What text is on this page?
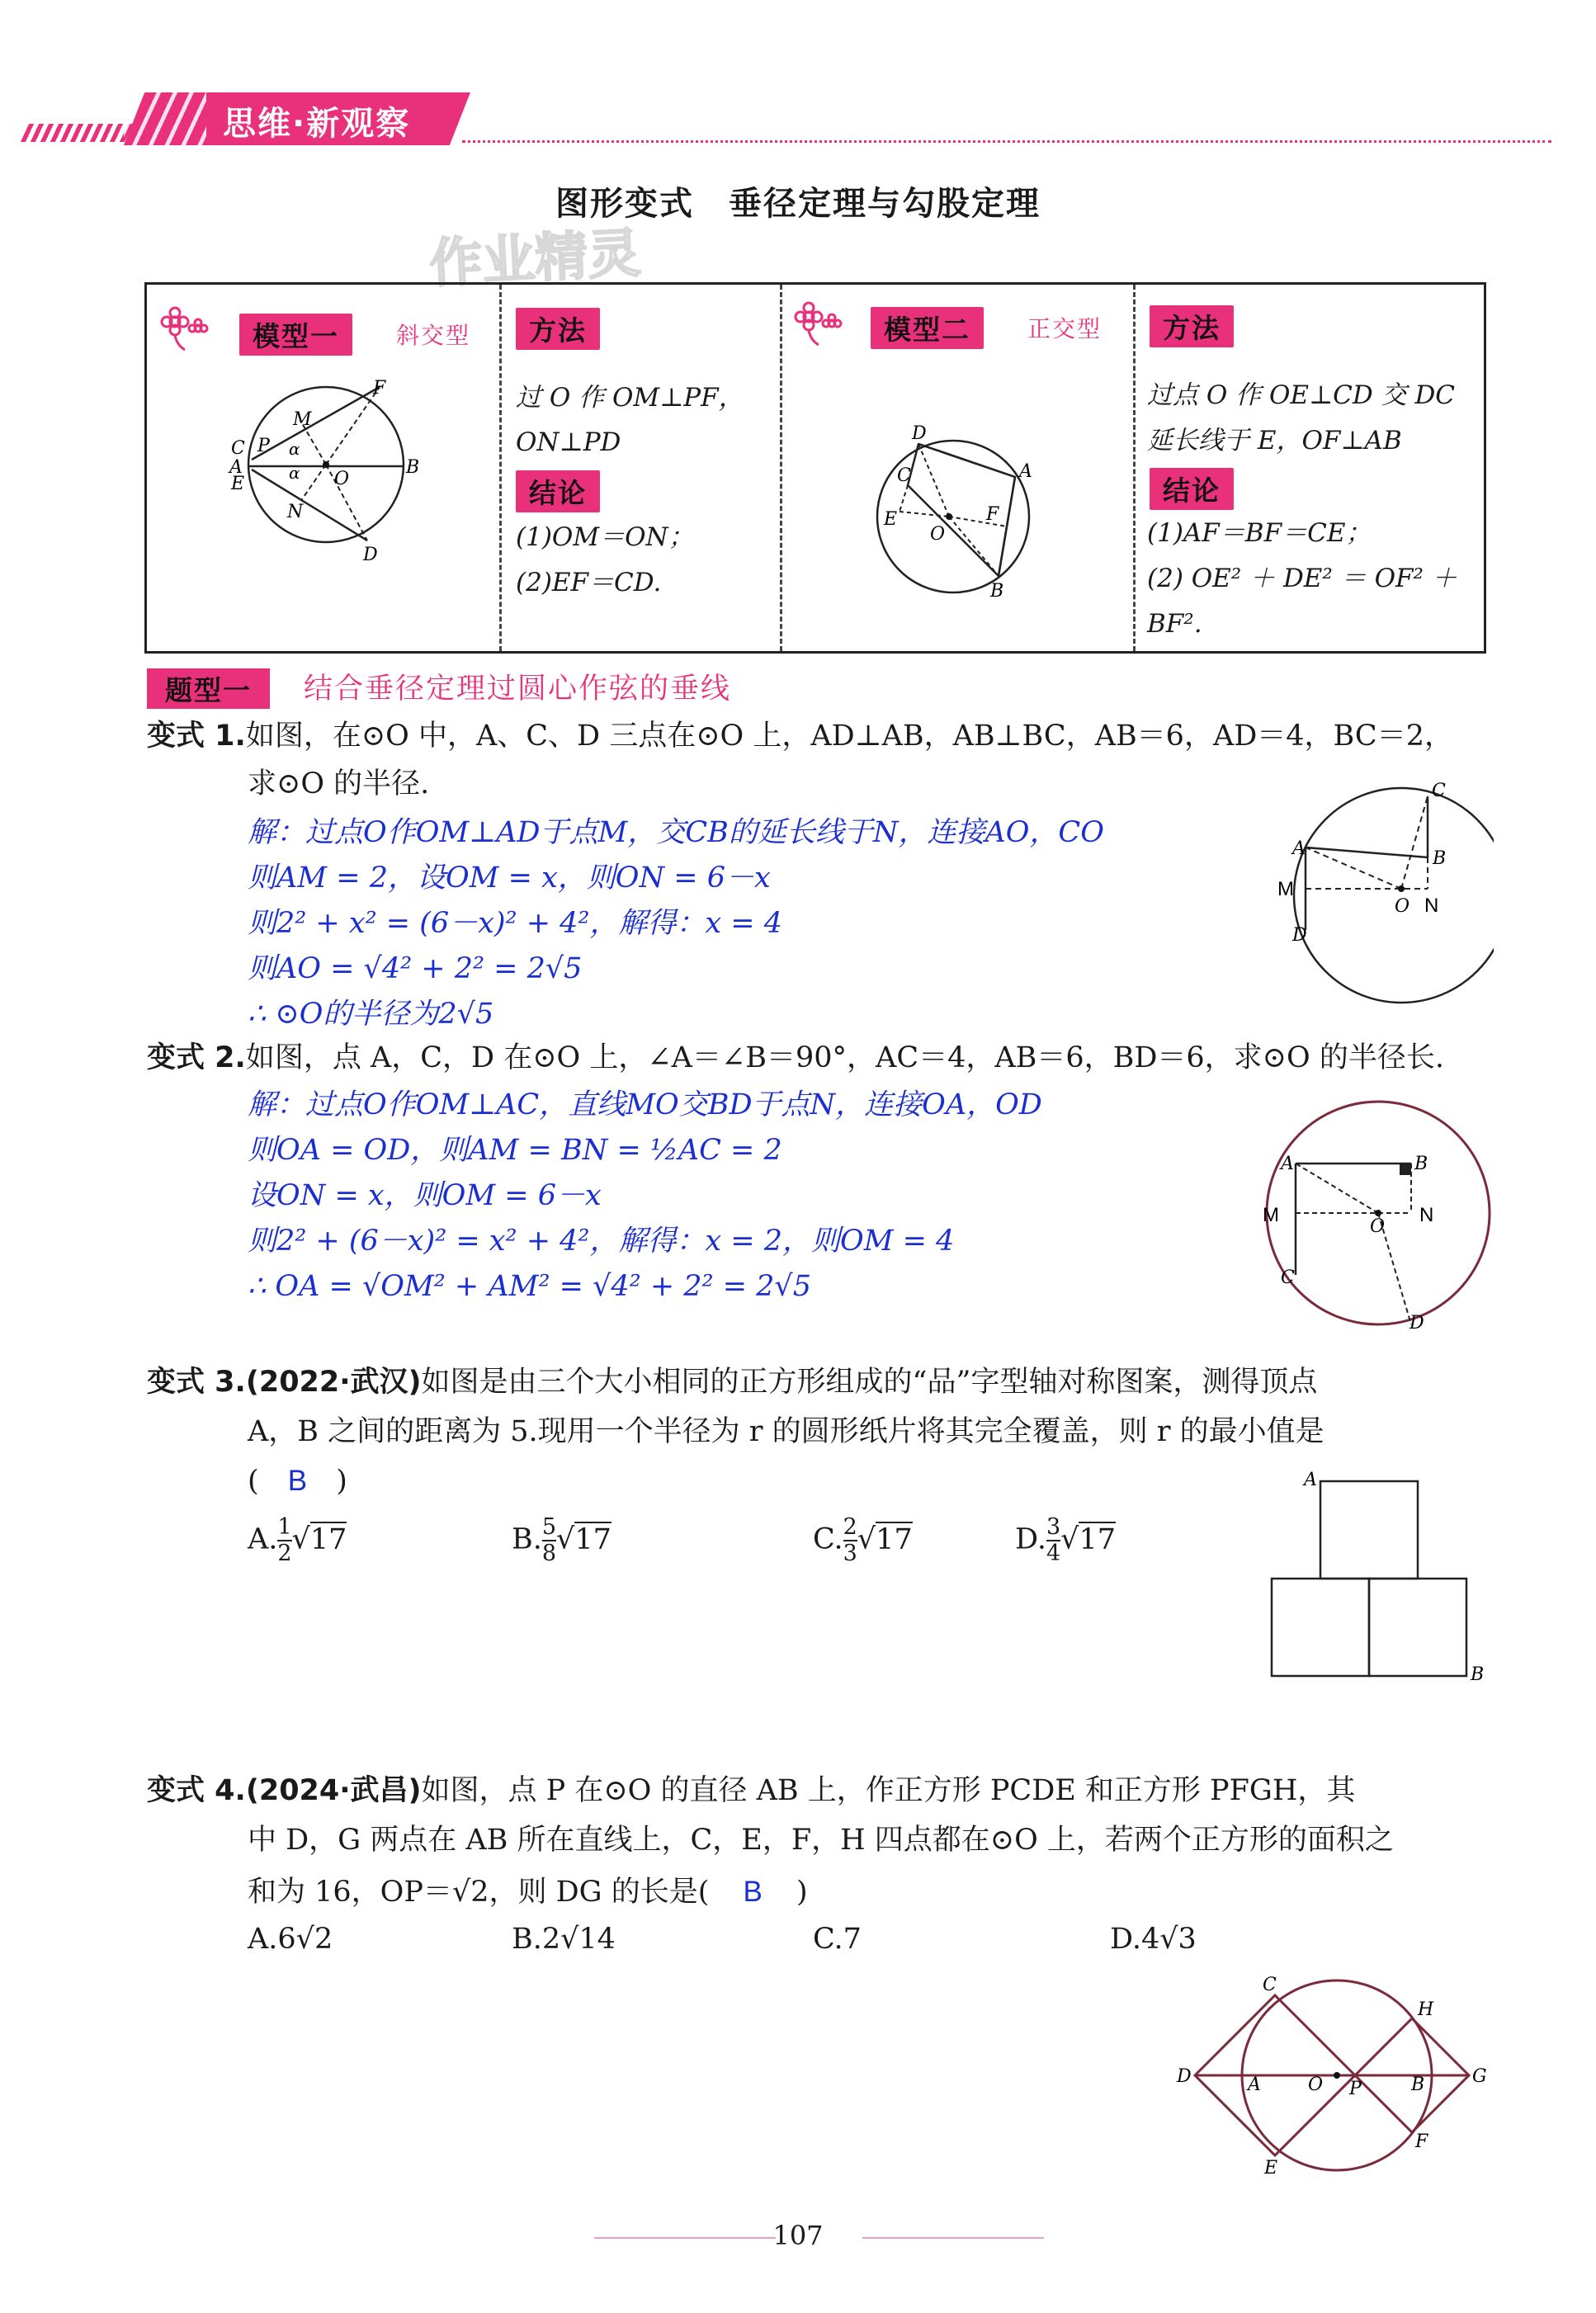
思维·新观察
图形变式　垂径定理与勾股定理
作业精灵
模型一	斜交型
F
M
C P
A
E	O
B
N
D
α
α
方法
过 O 作 OM⊥PF，
ON⊥PD
结论
(1)OM＝ON；
(2)EF＝CD.
模型二	正交型
D
C	A
E
O
F
B
方法
过点 O 作 OE⊥CD 交 DC
延长线于 E，OF⊥AB
结论
(1)AF＝BF＝CE；
(2) OE² ＋ DE² ＝ OF² ＋
BF².
题型一	结合垂径定理过圆心作弦的垂线
变式 1.如图，在⊙O 中，A、C、D 三点在⊙O 上，AD⊥AB，AB⊥BC，AB＝6，AD＝4，BC＝2，
求⊙O 的半径.
解：过点O作OM⊥AD于点M，交CB的延长线于N，连接AO，CO
则AM = 2，设OM = x，则ON = 6－x
则2² + x² = (6－x)² + 4²，解得：x = 4
则AO = √4² + 2² = 2√5
∴ ⊙O的半径为2√5
C
A	B
M
O N
D
变式 2.如图，点 A，C，D 在⊙O 上，∠A＝∠B＝90°，AC＝4，AB＝6，BD＝6，求⊙O 的半径长.
解：过点O作OM⊥AC，直线MO交BD于点N，连接OA，OD
则OA = OD，则AM = BN = ½AC = 2
设ON = x，则OM = 6－x
则2² + (6－x)² = x² + 4²，解得：x = 2，则OM = 4
∴ OA = √OM² + AM² = √4² + 2² = 2√5
A	B
M
O
N
C
D
变式 3.(2022·武汉)如图是由三个大小相同的正方形组成的“品”字型轴对称图案，测得顶点
A，B 之间的距离为 5.现用一个半径为 r 的圆形纸片将其完全覆盖，则 r 的最小值是
( B )
A. $\frac{1}{2} √17$	B. $\frac{5}{8} √17$	C. $\frac{2}{3} √17$	D. $\frac{3}{4} √17$
A
B
变式 4.(2024·武昌)如图，点 P 在⊙O 的直径 AB 上，作正方形 PCDE 和正方形 PFGH，其
中 D，G 两点在 AB 所在直线上，C，E，F，H 四点都在⊙O 上，若两个正方形的面积之
和为 16，OP＝√2，则 DG 的长是( B )
A.6√2	B.2√14	C.7	D.4√3
C
H
D	A	O P	B	G
F
E
107
